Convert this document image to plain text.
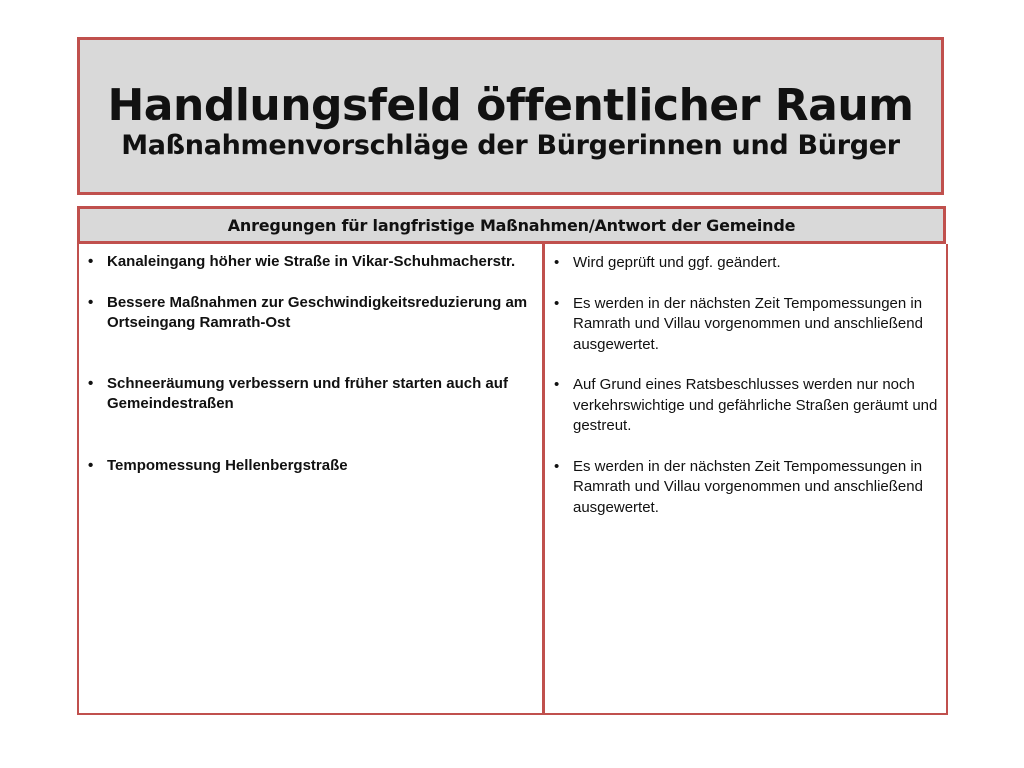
Handlungsfeld öffentlicher Raum
Maßnahmenvorschläge der Bürgerinnen und Bürger
Anregungen für langfristige Maßnahmen/Antwort der Gemeinde
• Kanaleingang höher wie Straße in Vikar-Schuhmacherstr.
• Bessere Maßnahmen zur Geschwindigkeitsreduzierung am Ortseingang Ramrath-Ost
• Schneeräumung verbessern und früher starten auch auf Gemeindestraßen
• Tempomessung Hellenbergstraße
• Wird geprüft und ggf. geändert.
• Es werden in der nächsten Zeit Tempomessungen in Ramrath und Villau vorgenommen und anschließend ausgewertet.
• Auf Grund eines Ratsbeschlusses werden nur noch verkehrswichtige und gefährliche Straßen geräumt und gestreut.
• Es werden in der nächsten Zeit Tempomessungen in Ramrath und Villau vorgenommen und anschließend ausgewertet.
